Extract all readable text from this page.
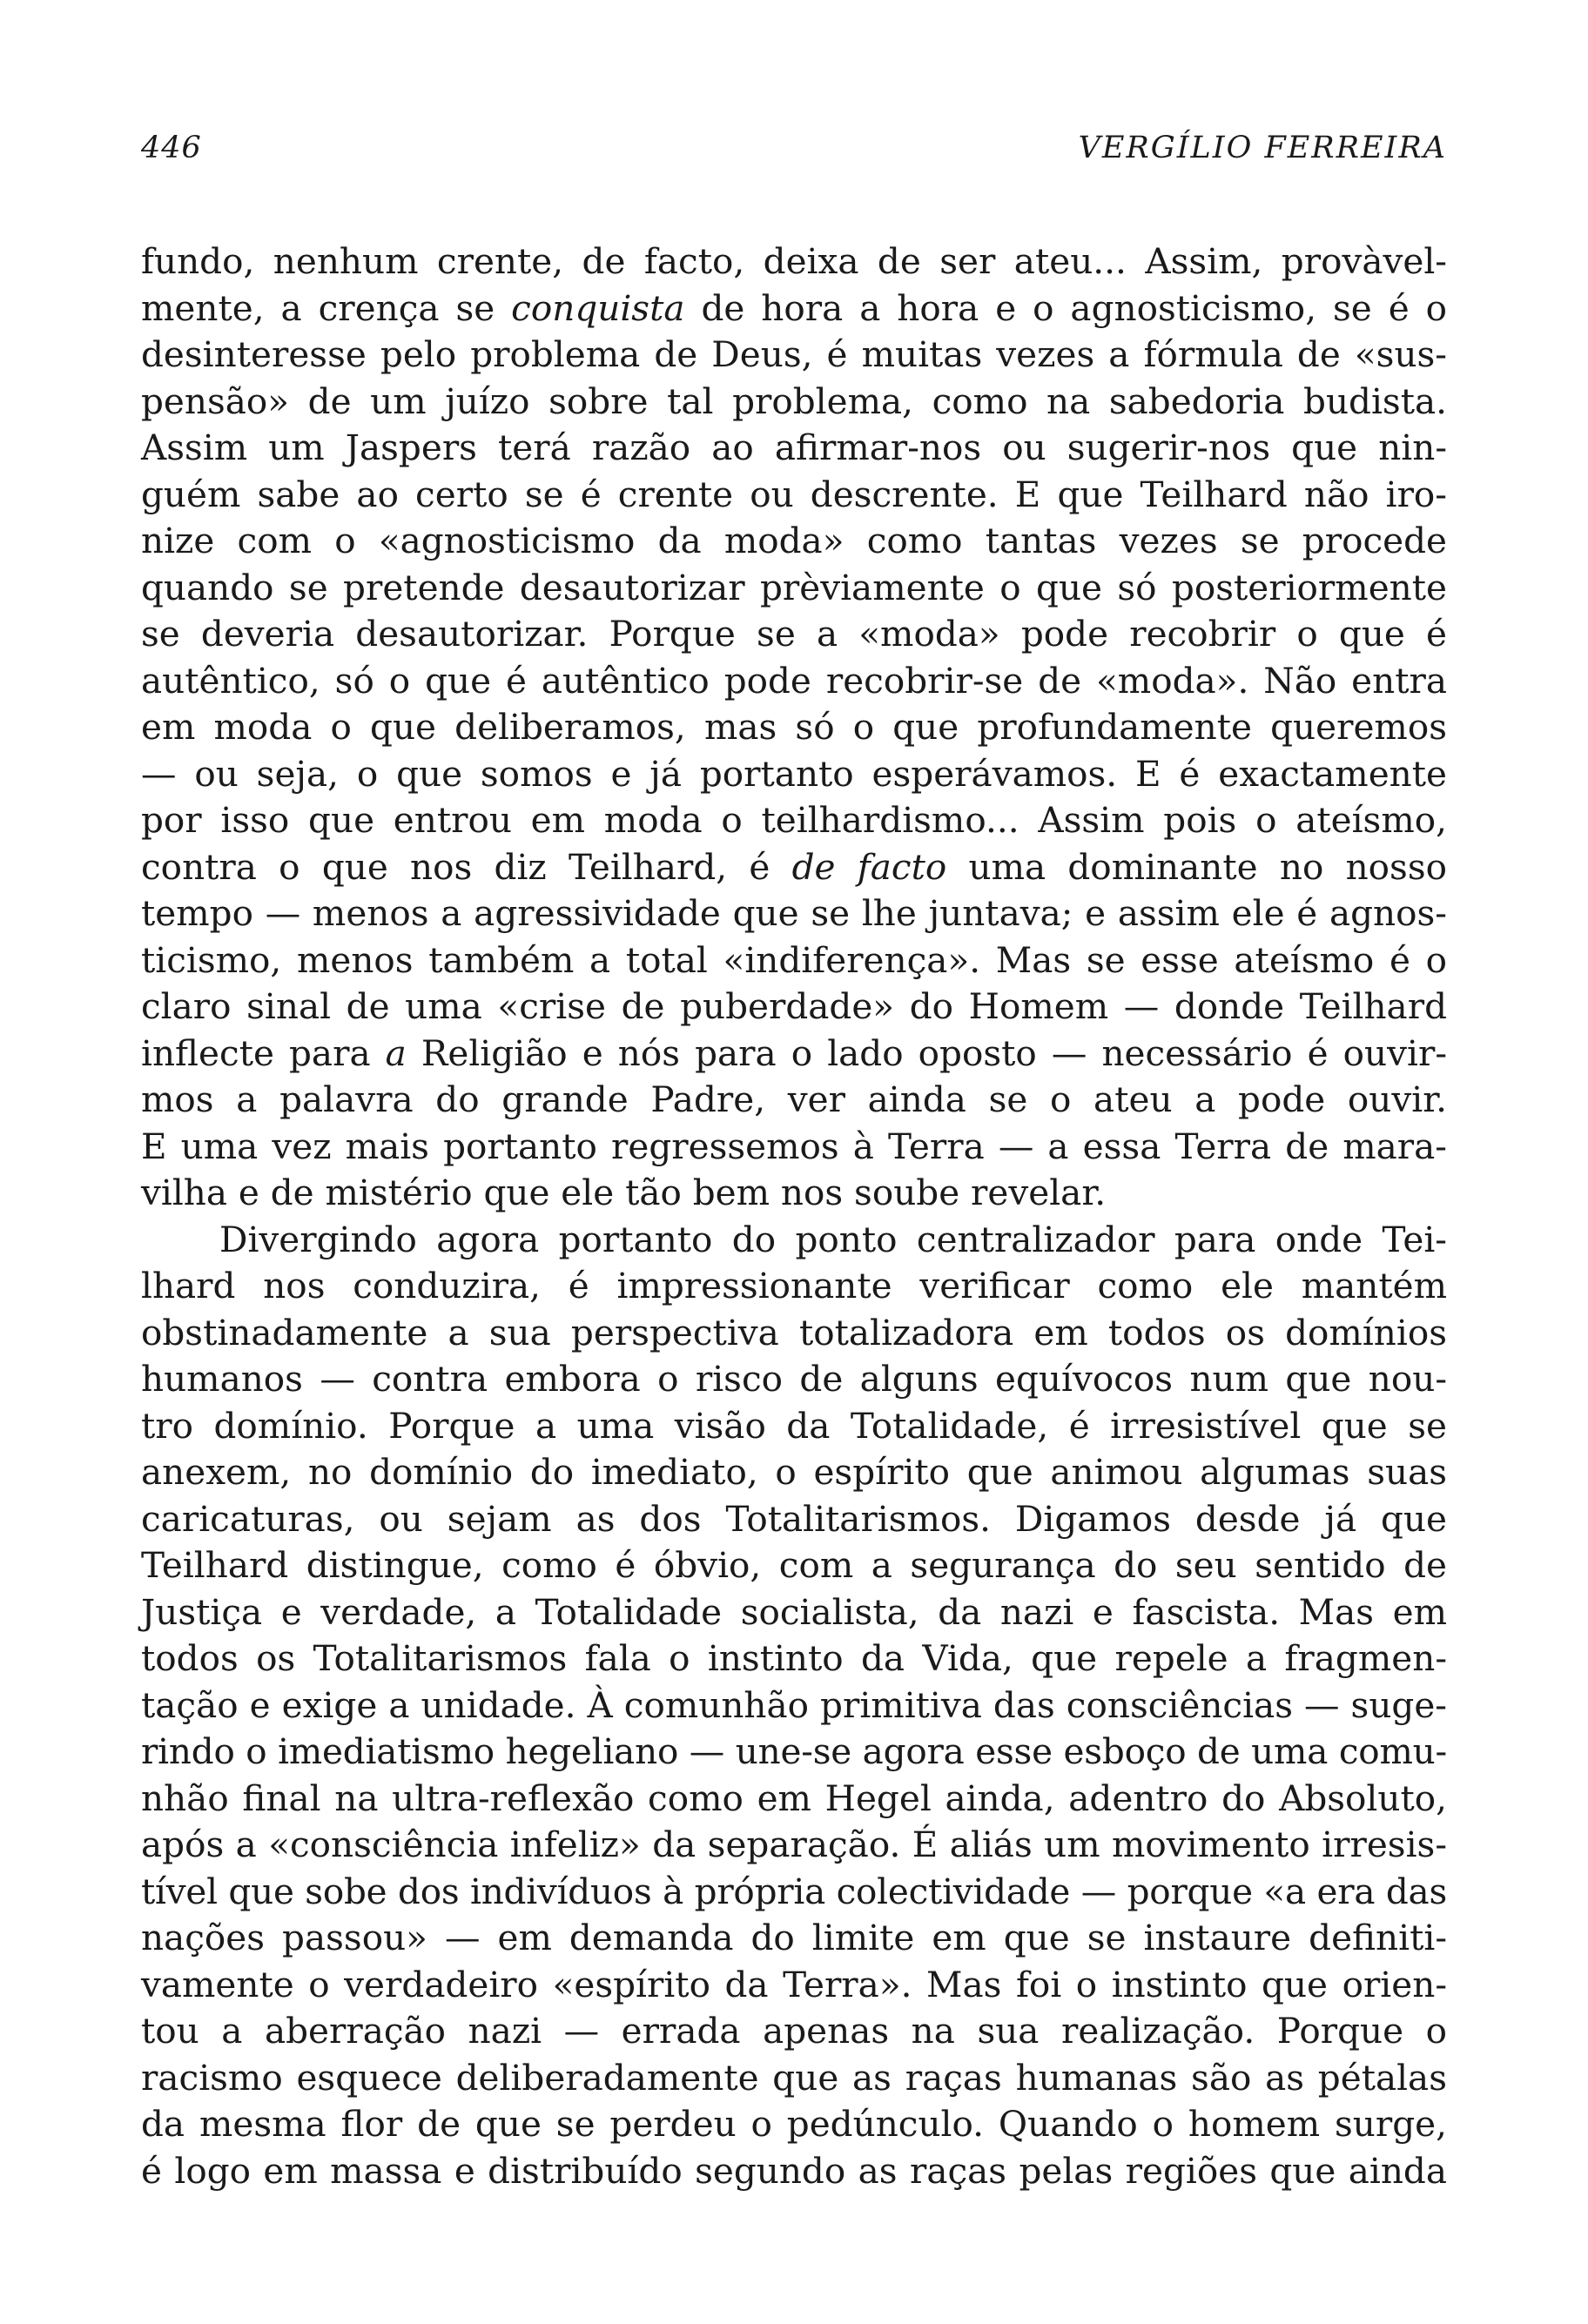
446	VERGÍLIO FERREIRA
fundo, nenhum crente, de facto, deixa de ser ateu... Assim, provàvel-
mente, a crença se conquista de hora a hora e o agnosticismo, se é o
desinteresse pelo problema de Deus, é muitas vezes a fórmula de «sus-
pensão» de um juízo sobre tal problema, como na sabedoria budista.
Assim um Jaspers terá razão ao afirmar-nos ou sugerir-nos que nin-
guém sabe ao certo se é crente ou descrente. E que Teilhard não iro-
nize com o «agnosticismo da moda» como tantas vezes se procede
quando se pretende desautorizar prèviamente o que só posteriormente
se deveria desautorizar. Porque se a «moda» pode recobrir o que é
autêntico, só o que é autêntico pode recobrir-se de «moda». Não entra
em moda o que deliberamos, mas só o que profundamente queremos
— ou seja, o que somos e já portanto esperávamos. E é exactamente
por isso que entrou em moda o teilhardismo... Assim pois o ateísmo,
contra o que nos diz Teilhard, é de facto uma dominante no nosso
tempo — menos a agressividade que se lhe juntava; e assim ele é agnos-
ticismo, menos também a total «indiferença». Mas se esse ateísmo é o
claro sinal de uma «crise de puberdade» do Homem — donde Teilhard
inflecte para a Religião e nós para o lado oposto — necessário é ouvir-
mos a palavra do grande Padre, ver ainda se o ateu a pode ouvir.
E uma vez mais portanto regressemos à Terra — a essa Terra de mara-
vilha e de mistério que ele tão bem nos soube revelar.
Divergindo agora portanto do ponto centralizador para onde Tei-
lhard nos conduzira, é impressionante verificar como ele mantém
obstinadamente a sua perspectiva totalizadora em todos os domínios
humanos — contra embora o risco de alguns equívocos num que nou-
tro domínio. Porque a uma visão da Totalidade, é irresistível que se
anexem, no domínio do imediato, o espírito que animou algumas suas
caricaturas, ou sejam as dos Totalitarismos. Digamos desde já que
Teilhard distingue, como é óbvio, com a segurança do seu sentido de
Justiça e verdade, a Totalidade socialista, da nazi e fascista. Mas em
todos os Totalitarismos fala o instinto da Vida, que repele a fragmen-
tação e exige a unidade. À comunhão primitiva das consciências — suge-
rindo o imediatismo hegeliano — une-se agora esse esboço de uma comu-
nhão final na ultra-reflexão como em Hegel ainda, adentro do Absoluto,
após a «consciência infeliz» da separação. É aliás um movimento irresis-
tível que sobe dos indivíduos à própria colectividade — porque «a era das
nações passou» — em demanda do limite em que se instaure definiti-
vamente o verdadeiro «espírito da Terra». Mas foi o instinto que orien-
tou a aberração nazi — errada apenas na sua realização. Porque o
racismo esquece deliberadamente que as raças humanas são as pétalas
da mesma flor de que se perdeu o pedúnculo. Quando o homem surge,
é logo em massa e distribuído segundo as raças pelas regiões que ainda
